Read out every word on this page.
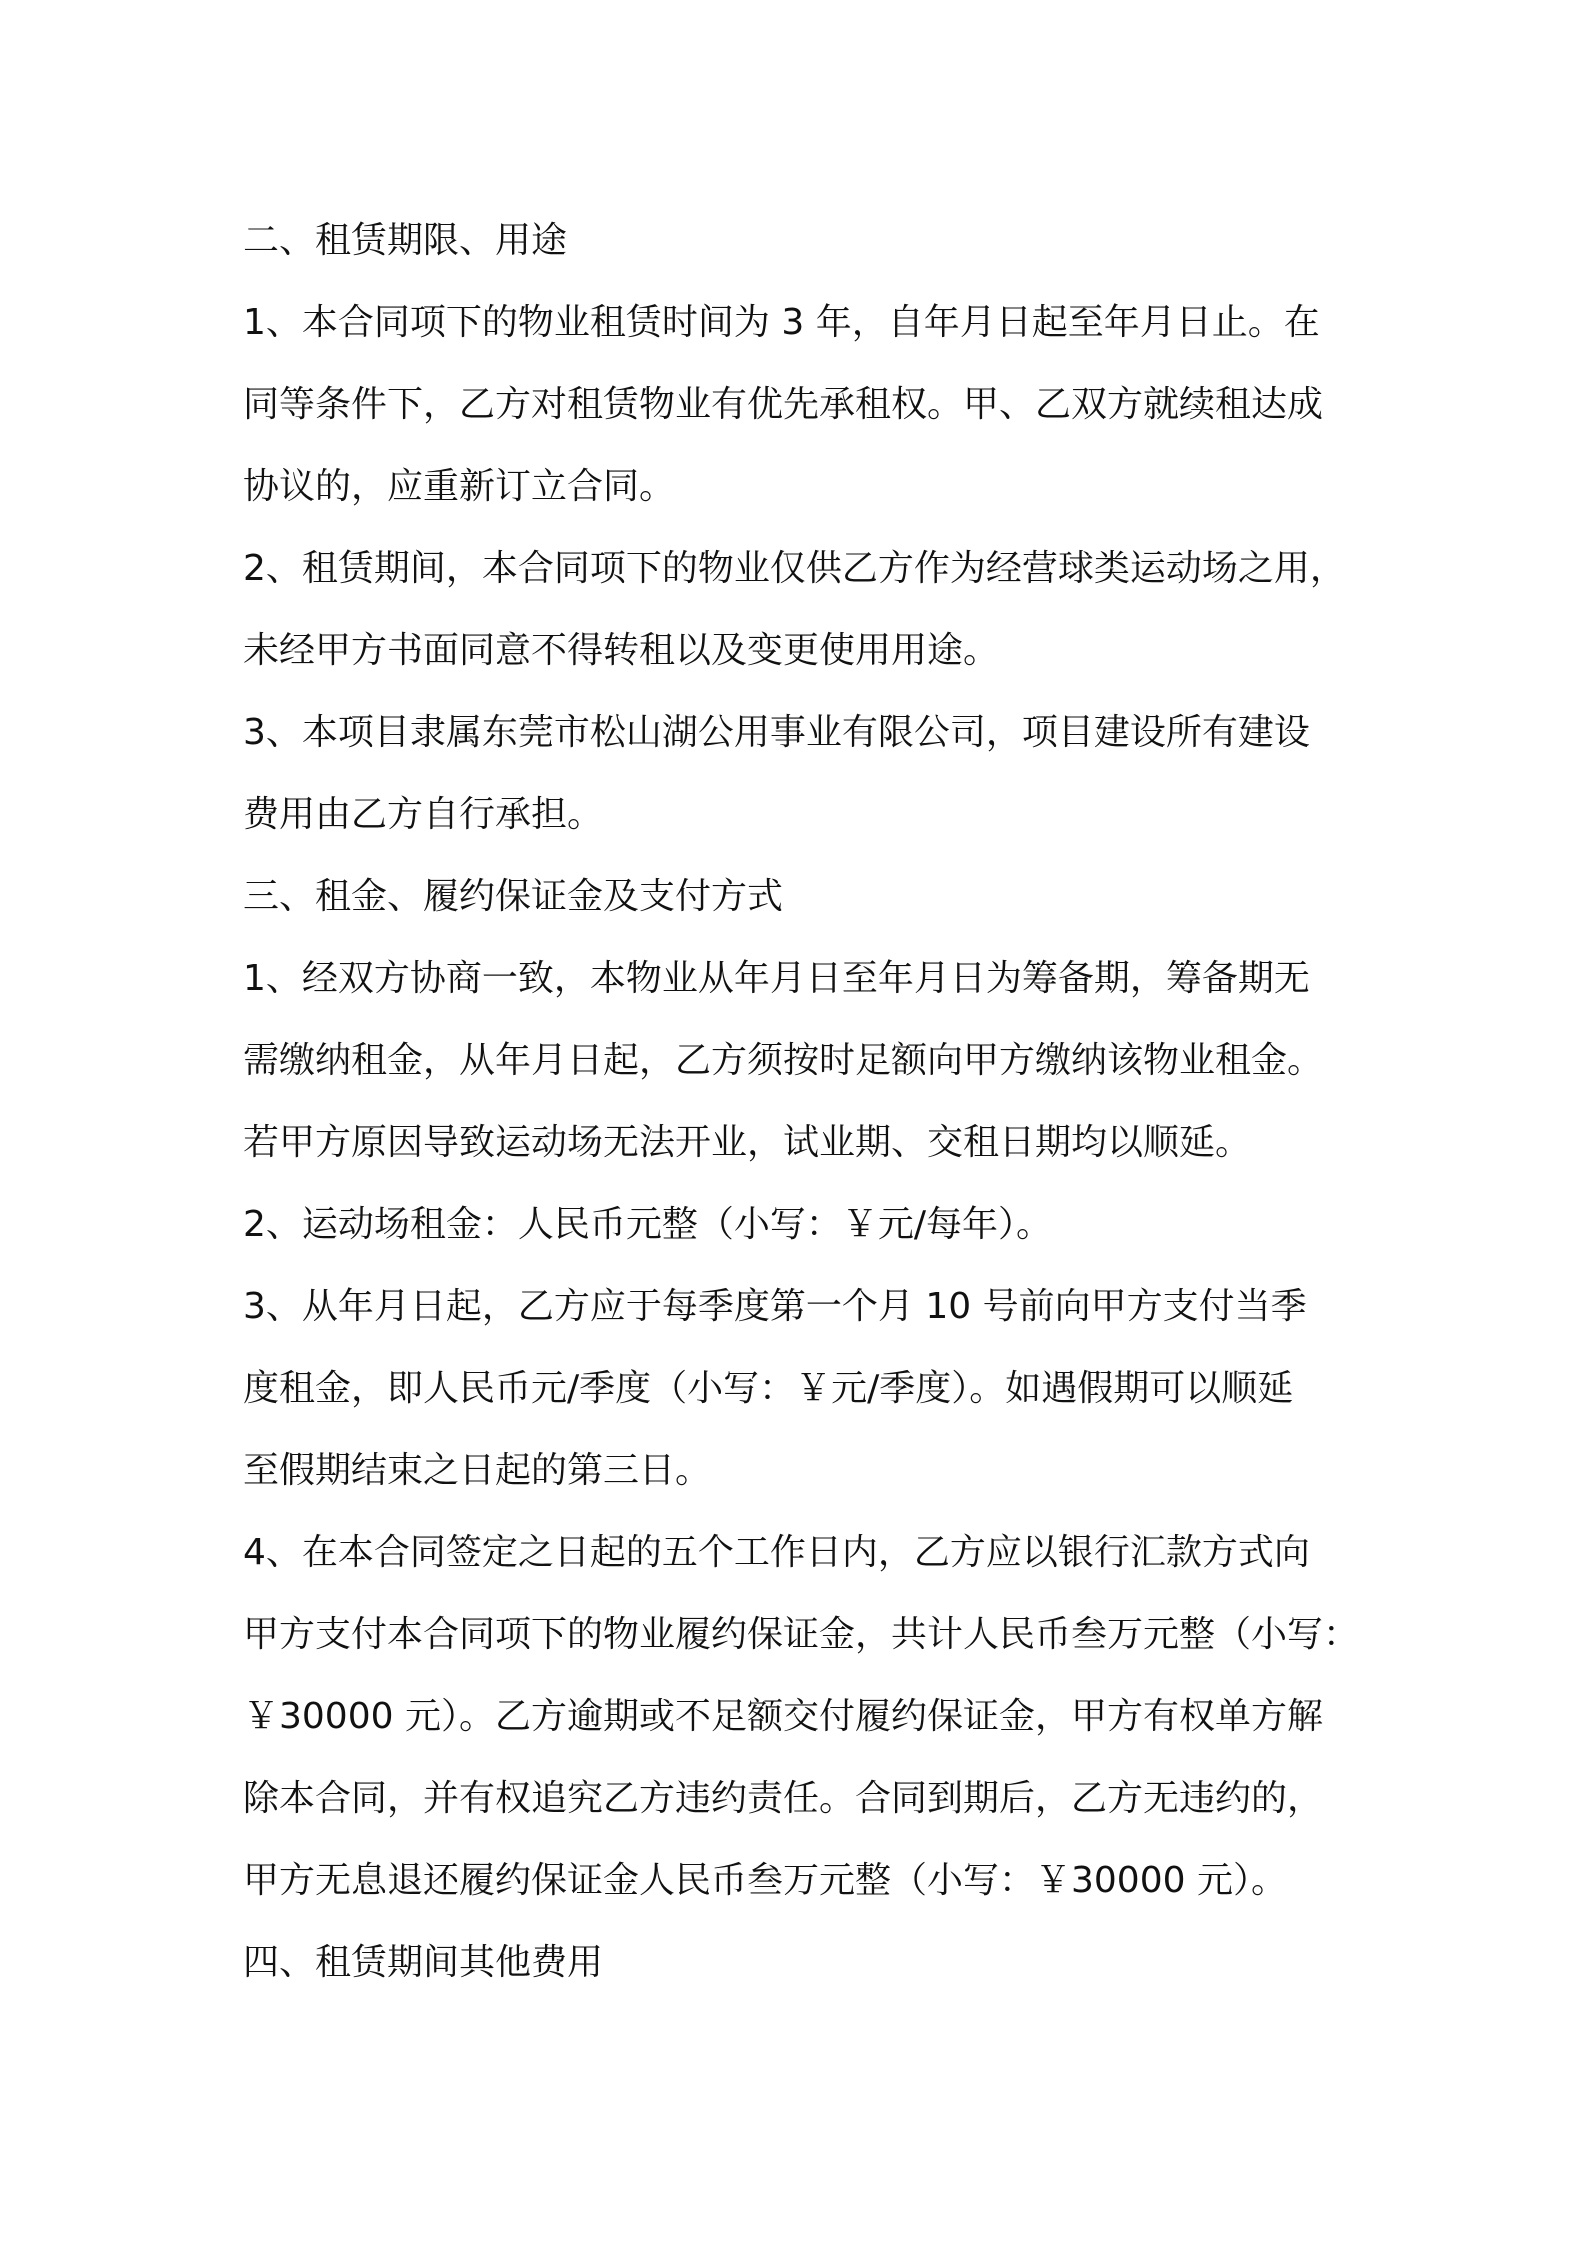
二、租赁期限、用途
1、本合同项下的物业租赁时间为 3 年，自年月日起至年月日止。在
同等条件下，乙方对租赁物业有优先承租权。甲、乙双方就续租达成
协议的，应重新订立合同。
2、租赁期间，本合同项下的物业仅供乙方作为经营球类运动场之用，
未经甲方书面同意不得转租以及变更使用用途。
3、本项目隶属东莞市松山湖公用事业有限公司，项目建设所有建设
费用由乙方自行承担。
三、租金、履约保证金及支付方式
1、经双方协商一致，本物业从年月日至年月日为筹备期，筹备期无
需缴纳租金，从年月日起，乙方须按时足额向甲方缴纳该物业租金。
若甲方原因导致运动场无法开业，试业期、交租日期均以顺延。
2、运动场租金：人民币元整（小写：￥元/每年）。
3、从年月日起，乙方应于每季度第一个月 10 号前向甲方支付当季
度租金，即人民币元/季度（小写：￥元/季度）。如遇假期可以顺延
至假期结束之日起的第三日。
4、在本合同签定之日起的五个工作日内，乙方应以银行汇款方式向
甲方支付本合同项下的物业履约保证金，共计人民币叁万元整（小写：
￥30000 元）。乙方逾期或不足额交付履约保证金，甲方有权单方解
除本合同，并有权追究乙方违约责任。合同到期后，乙方无违约的，
甲方无息退还履约保证金人民币叁万元整（小写：￥30000 元）。
四、租赁期间其他费用
